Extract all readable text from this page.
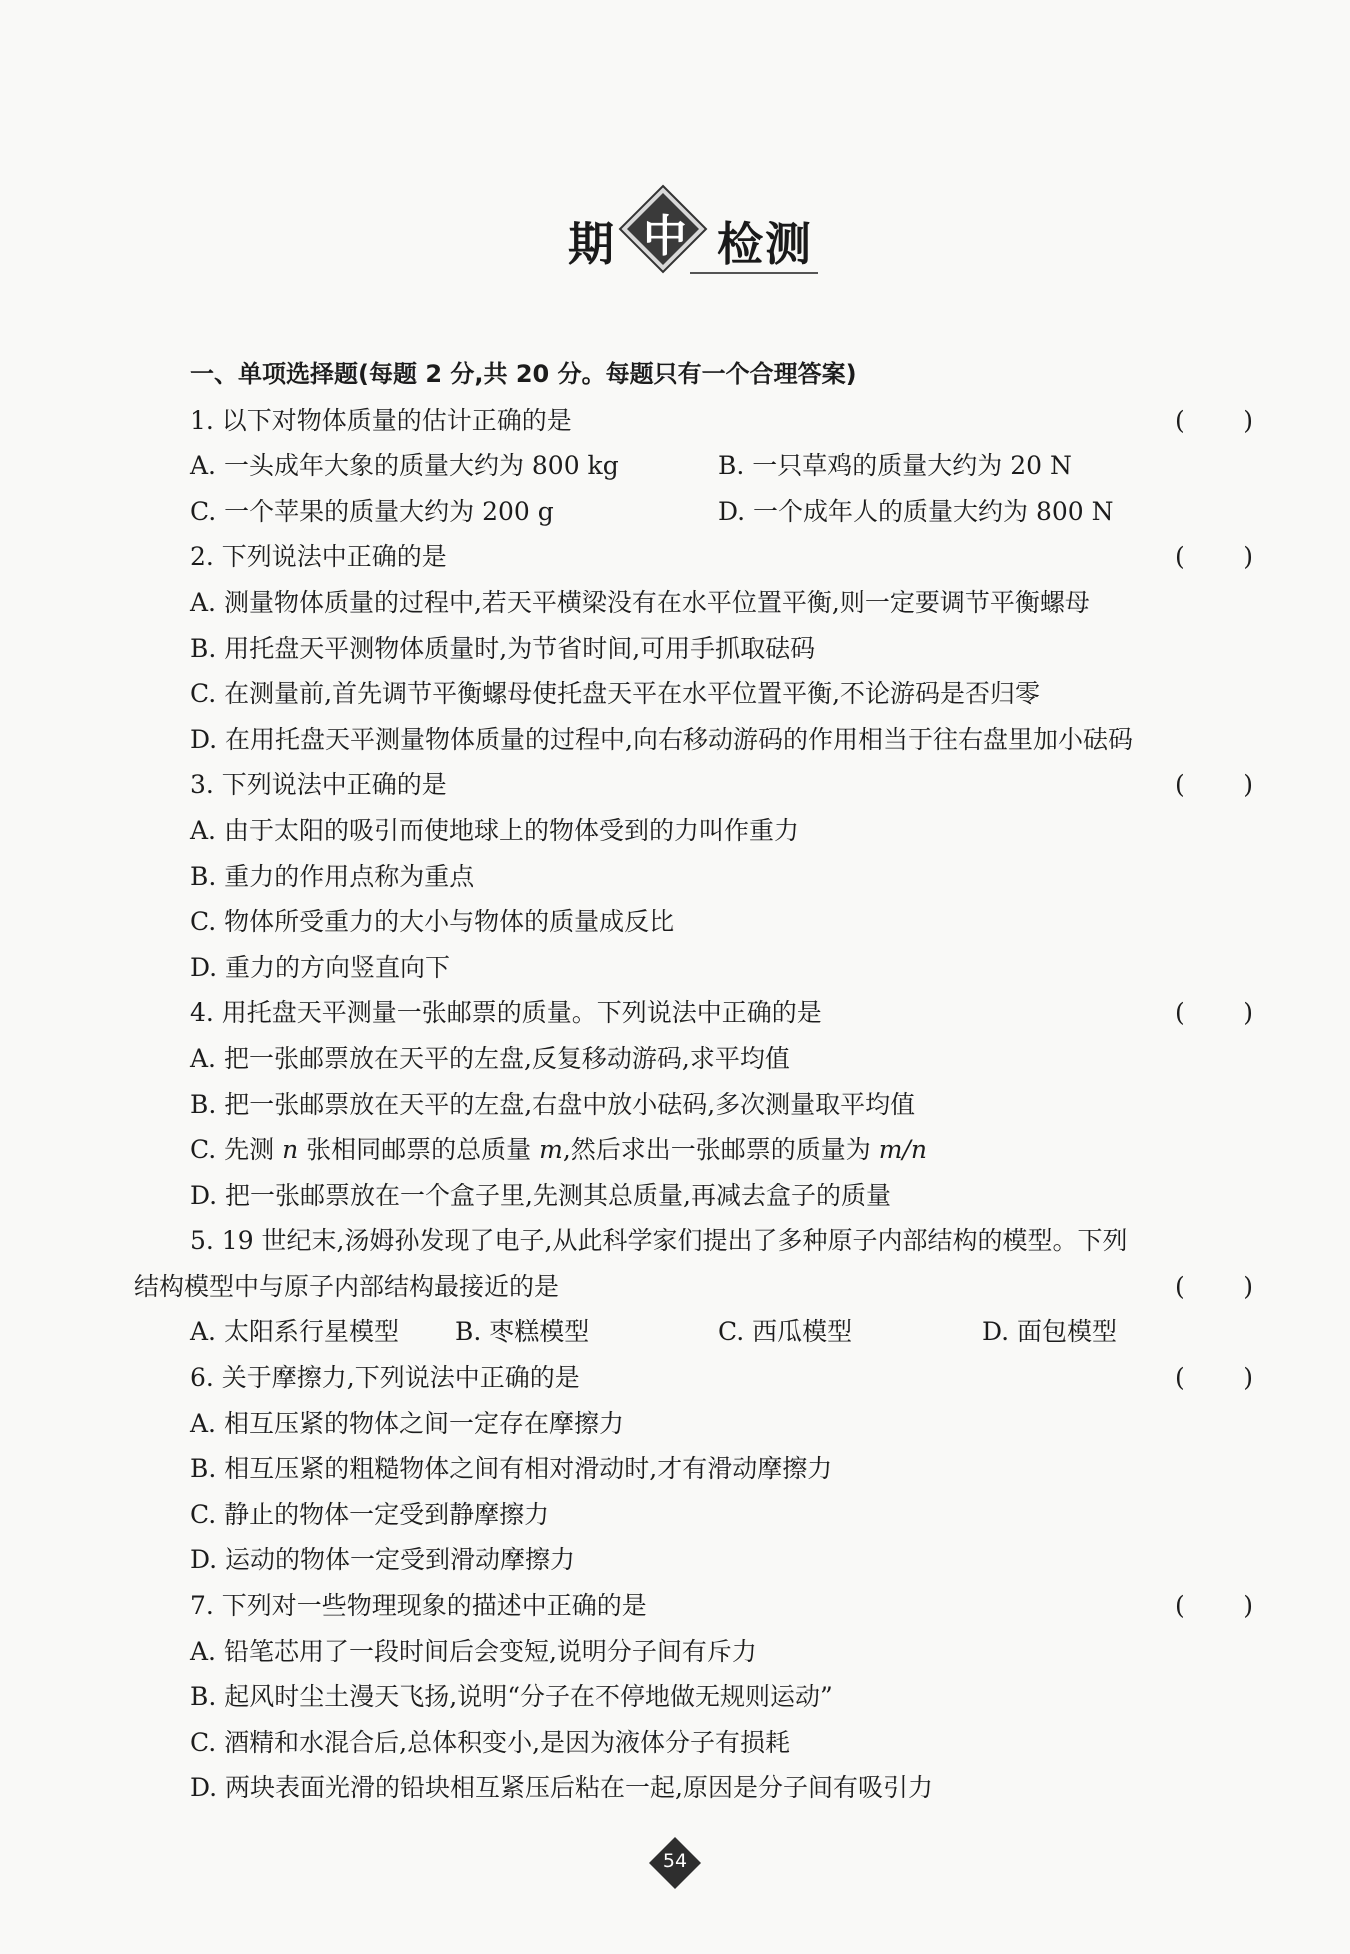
期 中 检测
一、单项选择题(每题 2 分,共 20 分。每题只有一个合理答案)
1. 以下对物体质量的估计正确的是	( )
A. 一头成年大象的质量大约为 800 kg	B. 一只草鸡的质量大约为 20 N
C. 一个苹果的质量大约为 200 g	D. 一个成年人的质量大约为 800 N
2. 下列说法中正确的是	( )
A. 测量物体质量的过程中,若天平横梁没有在水平位置平衡,则一定要调节平衡螺母
B. 用托盘天平测物体质量时,为节省时间,可用手抓取砝码
C. 在测量前,首先调节平衡螺母使托盘天平在水平位置平衡,不论游码是否归零
D. 在用托盘天平测量物体质量的过程中,向右移动游码的作用相当于往右盘里加小砝码
3. 下列说法中正确的是	( )
A. 由于太阳的吸引而使地球上的物体受到的力叫作重力
B. 重力的作用点称为重点
C. 物体所受重力的大小与物体的质量成反比
D. 重力的方向竖直向下
4. 用托盘天平测量一张邮票的质量。下列说法中正确的是	( )
A. 把一张邮票放在天平的左盘,反复移动游码,求平均值
B. 把一张邮票放在天平的左盘,右盘中放小砝码,多次测量取平均值
C. 先测 n 张相同邮票的总质量 m,然后求出一张邮票的质量为 m/n
D. 把一张邮票放在一个盒子里,先测其总质量,再减去盒子的质量
5. 19 世纪末,汤姆孙发现了电子,从此科学家们提出了多种原子内部结构的模型。下列
结构模型中与原子内部结构最接近的是	( )
A. 太阳系行星模型 B. 枣糕模型	C. 西瓜模型	D. 面包模型
6. 关于摩擦力,下列说法中正确的是	( )
A. 相互压紧的物体之间一定存在摩擦力
B. 相互压紧的粗糙物体之间有相对滑动时,才有滑动摩擦力
C. 静止的物体一定受到静摩擦力
D. 运动的物体一定受到滑动摩擦力
7. 下列对一些物理现象的描述中正确的是	( )
A. 铅笔芯用了一段时间后会变短,说明分子间有斥力
B. 起风时尘土漫天飞扬,说明“分子在不停地做无规则运动”
C. 酒精和水混合后,总体积变小,是因为液体分子有损耗
D. 两块表面光滑的铅块相互紧压后粘在一起,原因是分子间有吸引力
54
